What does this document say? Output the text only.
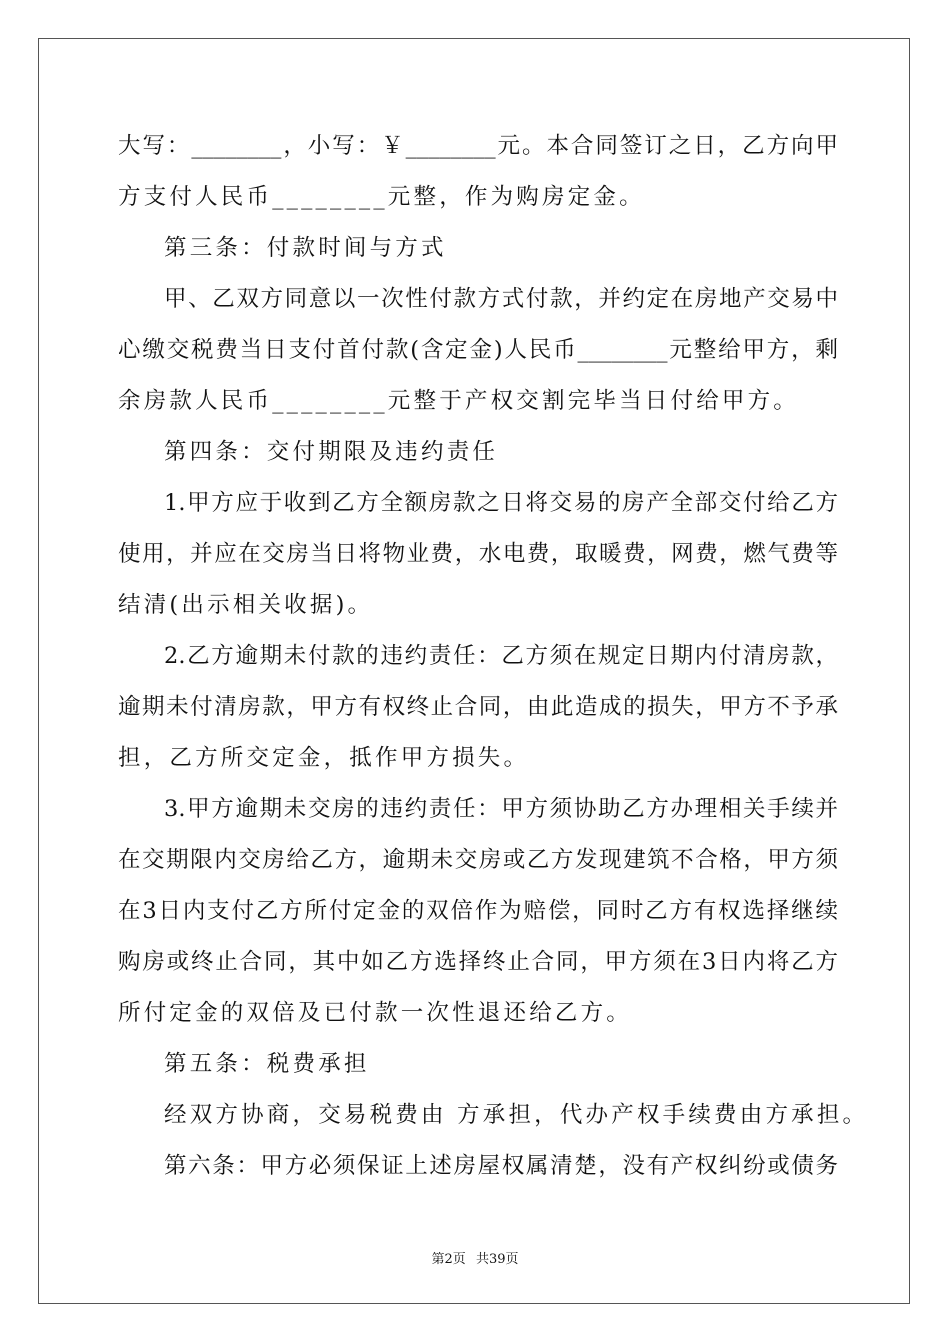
大写：________，小写：￥________元。本合同签订之日，乙方向甲
方支付人民币________元整，作为购房定金。
第三条：付款时间与方式
甲、乙双方同意以一次性付款方式付款，并约定在房地产交易中
心缴交税费当日支付首付款(含定金)人民币________元整给甲方，剩
余房款人民币________元整于产权交割完毕当日付给甲方。
第四条：交付期限及违约责任
1.甲方应于收到乙方全额房款之日将交易的房产全部交付给乙方
使用，并应在交房当日将物业费，水电费，取暖费，网费，燃气费等
结清(出示相关收据)。
2.乙方逾期未付款的违约责任：乙方须在规定日期内付清房款，
逾期未付清房款，甲方有权终止合同，由此造成的损失，甲方不予承
担，乙方所交定金，抵作甲方损失。
3.甲方逾期未交房的违约责任：甲方须协助乙方办理相关手续并
在交期限内交房给乙方，逾期未交房或乙方发现建筑不合格，甲方须
在3日内支付乙方所付定金的双倍作为赔偿，同时乙方有权选择继续
购房或终止合同，其中如乙方选择终止合同，甲方须在3日内将乙方
所付定金的双倍及已付款一次性退还给乙方。
第五条：税费承担
经双方协商，交易税费由 方承担，代办产权手续费由方承担。
第六条：甲方必须保证上述房屋权属清楚，没有产权纠纷或债务
第2页 共39页
